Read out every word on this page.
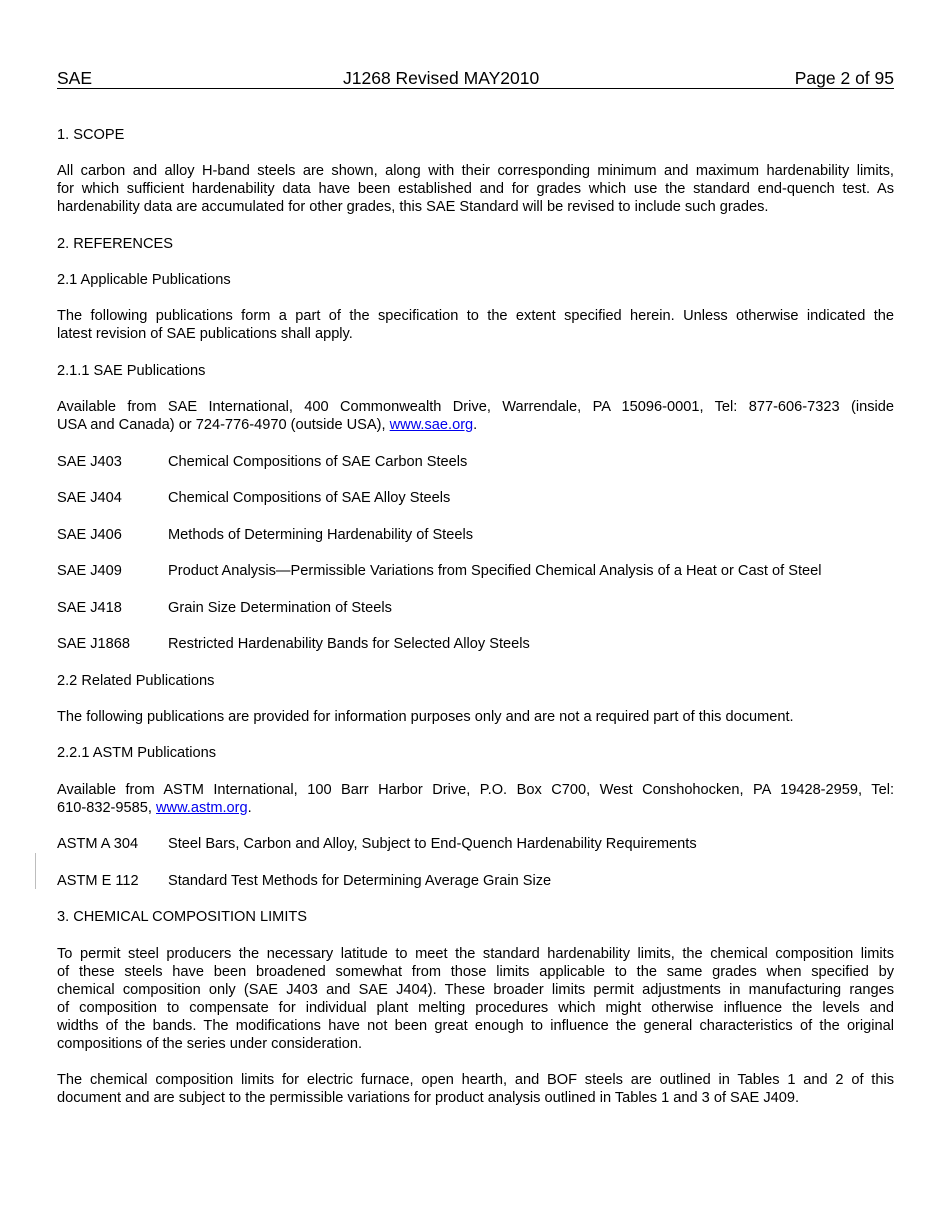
SAE	J1268 Revised MAY2010	Page 2 of 95
1. SCOPE
All carbon and alloy H-band steels are shown, along with their corresponding minimum and maximum hardenability limits,
for which sufficient hardenability data have been established and for grades which use the standard end-quench test. As
hardenability data are accumulated for other grades, this SAE Standard will be revised to include such grades.
2. REFERENCES
2.1 Applicable Publications
The following publications form a part of the specification to the extent specified herein. Unless otherwise indicated the
latest revision of SAE publications shall apply.
2.1.1 SAE Publications
Available from SAE International, 400 Commonwealth Drive, Warrendale, PA 15096-0001, Tel: 877-606-7323 (inside
USA and Canada) or 724-776-4970 (outside USA), www.sae.org.
SAE J403	Chemical Compositions of SAE Carbon Steels
SAE J404	Chemical Compositions of SAE Alloy Steels
SAE J406	Methods of Determining Hardenability of Steels
SAE J409	Product Analysis—Permissible Variations from Specified Chemical Analysis of a Heat or Cast of Steel
SAE J418	Grain Size Determination of Steels
SAE J1868	Restricted Hardenability Bands for Selected Alloy Steels
2.2 Related Publications
The following publications are provided for information purposes only and are not a required part of this document.
2.2.1 ASTM Publications
Available from ASTM International, 100 Barr Harbor Drive, P.O. Box C700, West Conshohocken, PA 19428-2959, Tel:
610-832-9585, www.astm.org.
ASTM A 304 Steel Bars, Carbon and Alloy, Subject to End-Quench Hardenability Requirements
ASTM E 112 Standard Test Methods for Determining Average Grain Size
3. CHEMICAL COMPOSITION LIMITS
To permit steel producers the necessary latitude to meet the standard hardenability limits, the chemical composition limits
of these steels have been broadened somewhat from those limits applicable to the same grades when specified by
chemical composition only (SAE J403 and SAE J404). These broader limits permit adjustments in manufacturing ranges
of composition to compensate for individual plant melting procedures which might otherwise influence the levels and
widths of the bands. The modifications have not been great enough to influence the general characteristics of the original
compositions of the series under consideration.
The chemical composition limits for electric furnace, open hearth, and BOF steels are outlined in Tables 1 and 2 of this
document and are subject to the permissible variations for product analysis outlined in Tables 1 and 3 of SAE J409.
